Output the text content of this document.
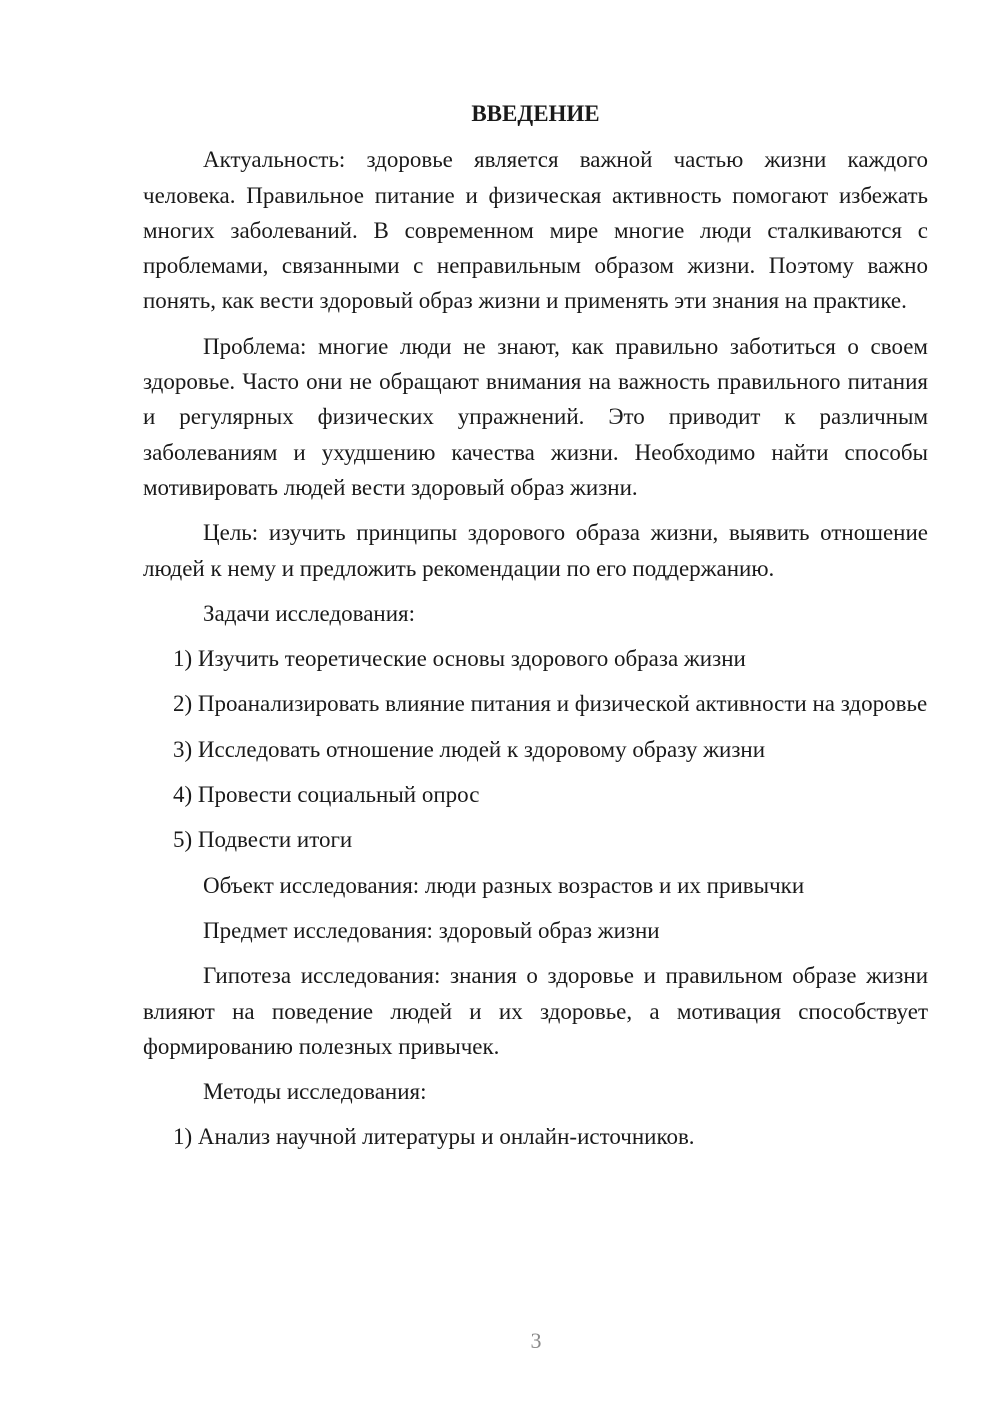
ВВЕДЕНИЕ

Актуальность: здоровье является важной частью жизни каждого человека. Правильное питание и физическая активность помогают избежать многих заболеваний. В современном мире многие люди сталкиваются с проблемами, связанными с неправильным образом жизни. Поэтому важно понять, как вести здоровый образ жизни и применять эти знания на практике.

Проблема: многие люди не знают, как правильно заботиться о своем здоровье. Часто они не обращают внимания на важность правильного питания и регулярных физических упражнений. Это приводит к различным заболеваниям и ухудшению качества жизни. Необходимо найти способы мотивировать людей вести здоровый образ жизни.

Цель: изучить принципы здорового образа жизни, выявить отношение людей к нему и предложить рекомендации по его поддержанию.

Задачи исследования:
1) Изучить теоретические основы здорового образа жизни
2) Проанализировать влияние питания и физической активности на здоровье
3) Исследовать отношение людей к здоровому образу жизни
4) Провести социальный опрос
5) Подвести итоги
Объект исследования: люди разных возрастов и их привычки
Предмет исследования: здоровый образ жизни

Гипотеза исследования: знания о здоровье и правильном образе жизни влияют на поведение людей и их здоровье, а мотивация способствует формированию полезных привычек.

Методы исследования:
1) Анализ научной литературы и онлайн-источников.
3
